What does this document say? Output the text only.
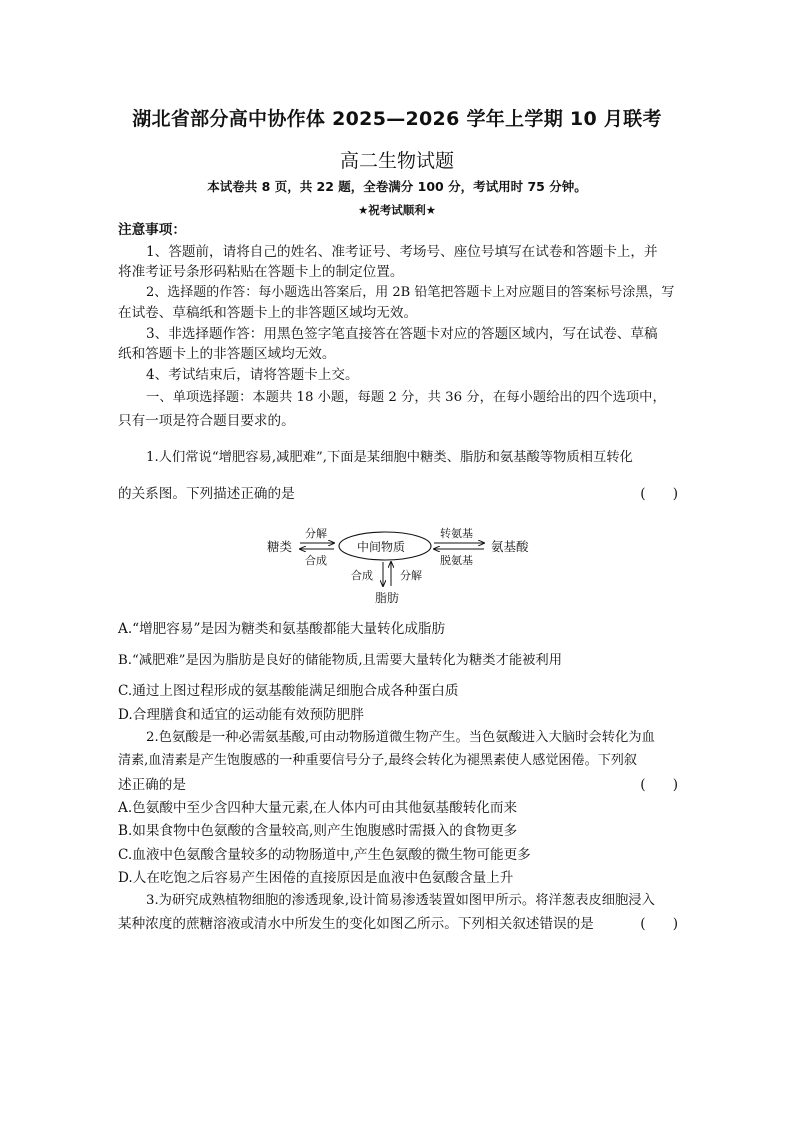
湖北省部分高中协作体 2025—2026 学年上学期 10 月联考
高二生物试题
本试卷共 8 页，共 22 题，全卷满分 100 分，考试用时 75 分钟。
★祝考试顺利★
注意事项：
1、答题前，请将自己的姓名、准考证号、考场号、座位号填写在试卷和答题卡上，并
将准考证号条形码粘贴在答题卡上的制定位置。
2、选择题的作答：每小题选出答案后，用 2B 铅笔把答题卡上对应题目的答案标号涂黑，写
在试卷、草稿纸和答题卡上的非答题区域均无效。
3、非选择题作答：用黑色签字笔直接答在答题卡对应的答题区域内，写在试卷、草稿
纸和答题卡上的非答题区域均无效。
4、考试结束后，请将答题卡上交。
一、单项选择题：本题共 18 小题，每题 2 分，共 36 分，在每小题给出的四个选项中，
只有一项是符合题目要求的。
1.人们常说“增肥容易,减肥难”,下面是某细胞中糖类、脂肪和氨基酸等物质相互转化
的关系图。下列描述正确的是	(　　)
糖类
分解
合成
中间物质
转氨基
脱氨基
氨基酸
合成 分解
脂肪
A.“增肥容易”是因为糖类和氨基酸都能大量转化成脂肪
B.“减肥难”是因为脂肪是良好的储能物质,且需要大量转化为糖类才能被利用
C.通过上图过程形成的氨基酸能满足细胞合成各种蛋白质
D.合理膳食和适宜的运动能有效预防肥胖
2.色氨酸是一种必需氨基酸,可由动物肠道微生物产生。当色氨酸进入大脑时会转化为血
清素,血清素是产生饱腹感的一种重要信号分子,最终会转化为褪黑素使人感觉困倦。下列叙
述正确的是	(　　)
A.色氨酸中至少含四种大量元素,在人体内可由其他氨基酸转化而来
B.如果食物中色氨酸的含量较高,则产生饱腹感时需摄入的食物更多
C.血液中色氨酸含量较多的动物肠道中,产生色氨酸的微生物可能更多
D.人在吃饱之后容易产生困倦的直接原因是血液中色氨酸含量上升
3.为研究成熟植物细胞的渗透现象,设计简易渗透装置如图甲所示。将洋葱表皮细胞浸入
某种浓度的蔗糖溶液或清水中所发生的变化如图乙所示。下列相关叙述错误的是	(　　)
